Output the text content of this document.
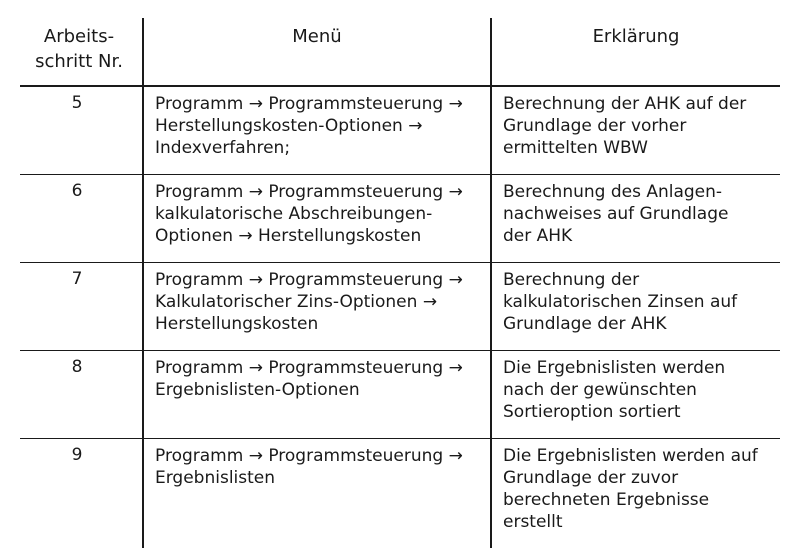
Arbeits-
schritt Nr.	Menü	Erklärung
5	Programm → Programmsteuerung →
Herstellungskosten-Optionen →
Indexverfahren;	Berechnung der AHK auf der
Grundlage der vorher
ermittelten WBW
6	Programm → Programmsteuerung →
kalkulatorische Abschreibungen-
Optionen → Herstellungskosten	Berechnung des Anlagen-
nachweises auf Grundlage
der AHK
7	Programm → Programmsteuerung →
Kalkulatorischer Zins-Optionen →
Herstellungskosten	Berechnung der
kalkulatorischen Zinsen auf
Grundlage der AHK
8	Programm → Programmsteuerung →
Ergebnislisten-Optionen	Die Ergebnislisten werden
nach der gewünschten
Sortieroption sortiert
9	Programm → Programmsteuerung →
Ergebnislisten	Die Ergebnislisten werden auf
Grundlage der zuvor
berechneten Ergebnisse
erstellt
